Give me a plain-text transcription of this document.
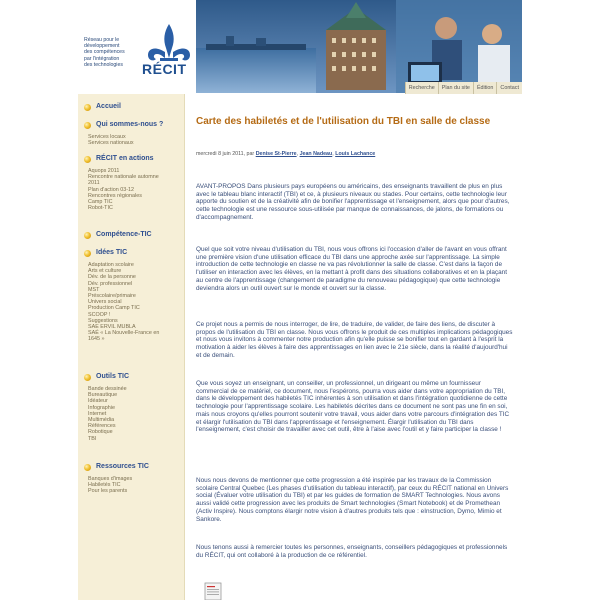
Réseau pour le
développement
des compétences
par l'intégration
des technologies	RÉCIT
Recherche	Plan du site	Édition	Contact
Accueil
Qui sommes-nous ?
Services locaux
Services nationaux
RÉCIT en actions
Aquops 2011
Rencontre nationale automne
2011
Plan d'action 03-12
Rencontres régionales
Camp TIC
Robot-TIC
Compétence-TIC
Idées TIC
Adaptation scolaire
Arts et culture
Dév. de la personne
Dév. professionnel
MST
Préscolaire/primaire
Univers social
Production Camp TIC
SCOOP !
Suggestions
SAE ERVIL MUBLA
SAÉ « La Nouvelle-France en
1645 »
Outils TIC
Bande dessinée
Bureautique
Idéateur
Infographie
Internet
Multimédia
Références
Robotique
TBI
Ressources TIC
Banques d'images
Habiletés TIC
Pour les parents
Carte des habiletés et de l'utilisation du TBI en salle de classe
mercredi 8 juin 2011, par Denise St-Pierre, Jean Nadeau, Louis Lachance
AVANT-PROPOS Dans plusieurs pays européens ou américains, des enseignants travaillent de plus en plus avec le tableau blanc interactif (TBI) et ce, à plusieurs niveaux ou stades. Pour certains, cette technologie leur apporte du soutien et de la créativité afin de bonifier l'apprentissage et l'enseignement, alors que pour d'autres, cette technologie est une ressource sous-utilisée par manque de connaissances, de jalons, de formations ou d'accompagnement.
Quel que soit votre niveau d'utilisation du TBI, nous vous offrons ici l'occasion d'aller de l'avant en vous offrant une première vision d'une utilisation efficace du TBI dans une approche axée sur l'apprentissage. La simple introduction de cette technologie en classe ne va pas révolutionner la salle de classe. C'est dans la façon de l'utiliser en interaction avec les élèves, en la mettant à profit dans des situations collaboratives et en la plaçant au centre de l'apprentissage (changement de paradigme du renouveau pédagogique) que cette technologie deviendra alors un outil ouvert sur le monde et ouvert sur la classe.
Ce projet nous a permis de nous interroger, de lire, de traduire, de valider, de faire des liens, de discuter à propos de l'utilisation du TBI en classe. Nous vous offrons le produit de ces multiples implications pédagogiques et nous vous invitons à commenter notre production afin qu'elle puisse se bonifier tout en gardant à l'esprit la motivation à aider les élèves à faire des apprentissages en lien avec le 21e siècle, dans la réalité d'aujourd'hui et de demain.
Que vous soyez un enseignant, un conseiller, un professionnel, un dirigeant ou même un fournisseur commercial de ce matériel, ce document, nous l'espérons, pourra vous aider dans votre appropriation du TBI, dans le développement des habiletés TIC inhérentes à son utilisation et dans l'intégration quotidienne de cette technologie pour l'apprentissage scolaire. Les habiletés décrites dans ce document ne sont pas une fin en soi, mais nous croyons qu'elles pourront soutenir votre travail, vous aider dans votre parcours d'intégration des TIC et élargir l'utilisation du TBI dans l'apprentissage et l'enseignement. Élargir l'utilisation du TBI dans l'enseignement, c'est choisir de travailler avec cet outil, être à l'aise avec l'outil et y faire participer la classe !
Nous nous devons de mentionner que cette progression a été inspirée par les travaux de la Commission scolaire Central Quebec (Les phases d'utilisation du tableau interactif), par ceux du RÉCIT national en Univers social (Évaluer votre utilisation du TBI) et par les guides de formation de SMART Technologies. Nous avons aussi validé cette progression avec les produits de Smart technologies (Smart Notebook) et de Promethean (Activ Inspire). Nous comptons élargir notre vision à d'autres produits tels que : eInstruction, Dymo, Mimio et Sankore.
Nous tenons aussi à remercier toutes les personnes, enseignants, conseillers pédagogiques et professionnels du RÉCIT, qui ont collaboré à la production de ce référentiel.
